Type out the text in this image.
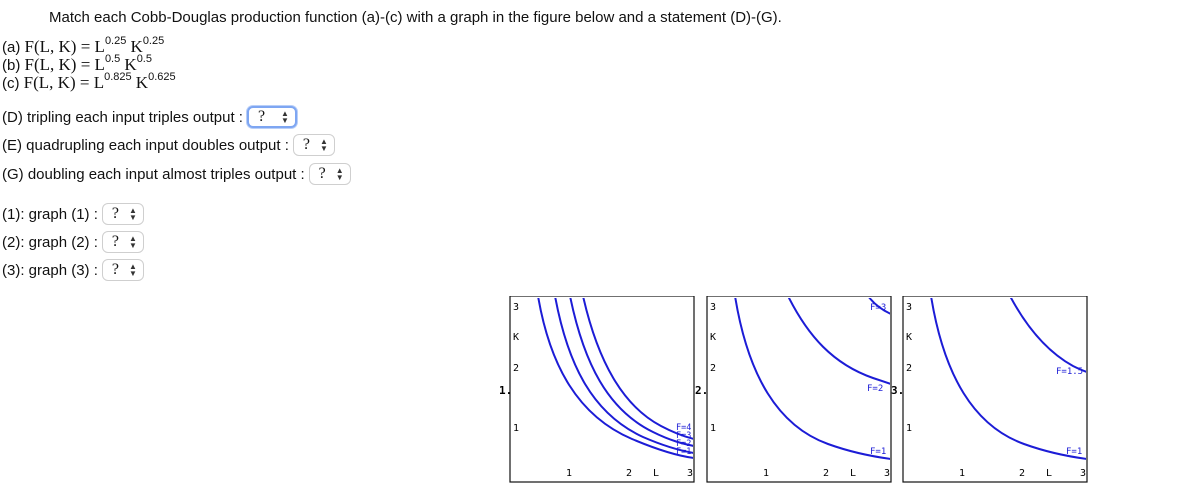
Match each Cobb-Douglas production function (a)-(c) with a graph in the figure below and a statement (D)-(G).
(a) F(L, $K) = L^{0.25}$ $K^{0.25}$
(b) F(L, $K) = L^{0.5}$ $K^{0.5}$
(c) F(L, $K) = L^{0.825}$ $K^{0.625}$
(D) tripling each input triples output : ? ▲
▼
(E) quadrupling each input doubles output : ? ▲
▼
(G) doubling each input almost triples output : ? ▲
▼
(1): graph (1) : ? ▲
▼
(2): graph (2) : ? ▲
▼
(3): graph (3) : ? ▲
▼
1.
3
K
2
1
1	2 L	3
F=4
F=3
F=2
F=1
2.
3
K
2
1
1	2 L	3
F=3
F=2
F=1
3.
3
K
2
1
1	2 L	3
F=1.5
F=1
